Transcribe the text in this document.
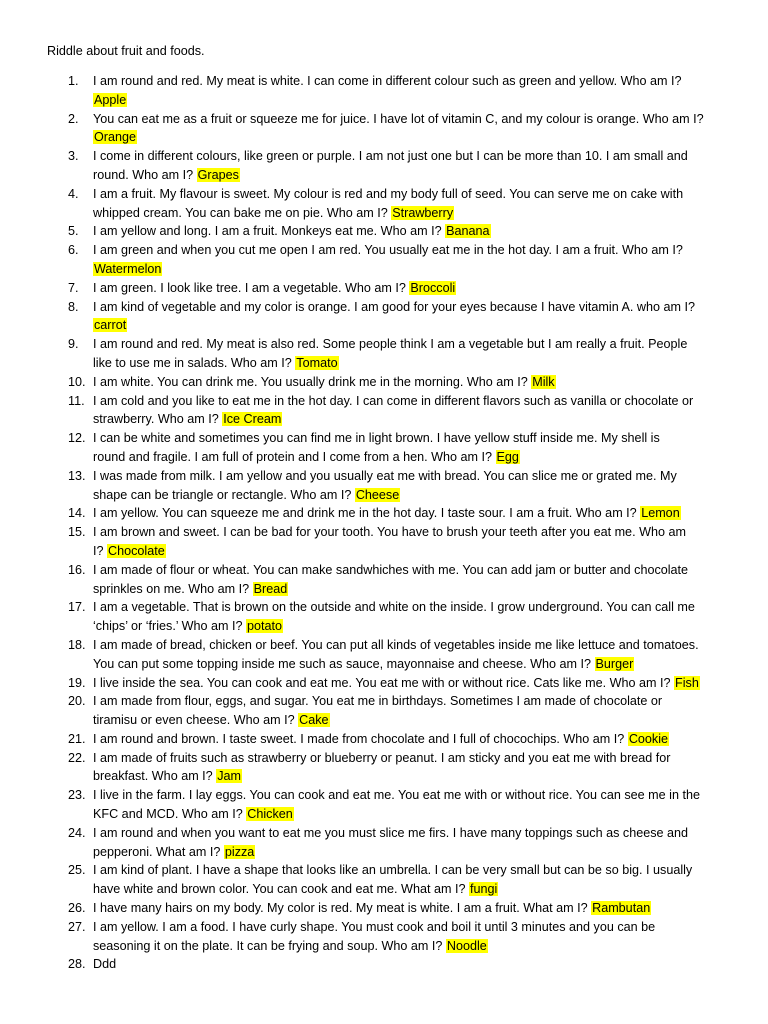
Riddle about fruit and foods.
1.	I am round and red. My meat is white. I can come in different colour such as green and yellow. Who am I?
Apple
2.	You can eat me as a fruit or squeeze me for juice. I have lot of vitamin C, and my colour is orange. Who am I?
Orange
3.	I come in different colours, like green or purple. I am not just one but I can be more than 10. I am small and
round. Who am I? Grapes
4.	I am a fruit. My flavour is sweet. My colour is red and my body full of seed. You can serve me on cake with
whipped cream. You can bake me on pie. Who am I? Strawberry
5.	I am yellow and long. I am a fruit. Monkeys eat me. Who am I? Banana
6.	I am green and when you cut me open I am red. You usually eat me in the hot day. I am a fruit. Who am I?
Watermelon
7.	I am green. I look like tree. I am a vegetable. Who am I? Broccoli
8.	I am kind of vegetable and my color is orange. I am good for your eyes because I have vitamin A. who am I?
carrot
9.	I am round and red. My meat is also red. Some people think I am a vegetable but I am really a fruit. People
like to use me in salads. Who am I? Tomato
10. I am white. You can drink me. You usually drink me in the morning. Who am I? Milk
11. I am cold and you like to eat me in the hot day. I can come in different flavors such as vanilla or chocolate or
strawberry. Who am I? Ice Cream
12. I can be white and sometimes you can find me in light brown. I have yellow stuff inside me. My shell is
round and fragile. I am full of protein and I come from a hen. Who am I? Egg
13. I was made from milk. I am yellow and you usually eat me with bread. You can slice me or grated me. My
shape can be triangle or rectangle. Who am I? Cheese
14. I am yellow. You can squeeze me and drink me in the hot day. I taste sour. I am a fruit. Who am I? Lemon
15. I am brown and sweet. I can be bad for your tooth. You have to brush your teeth after you eat me. Who am
I? Chocolate
16. I am made of flour or wheat. You can make sandwhiches with me. You can add jam or butter and chocolate
sprinkles on me. Who am I? Bread
17. I am a vegetable. That is brown on the outside and white on the inside. I grow underground. You can call me
‘chips’ or ‘fries.’ Who am I? potato
18. I am made of bread, chicken or beef. You can put all kinds of vegetables inside me like lettuce and tomatoes.
You can put some topping inside me such as sauce, mayonnaise and cheese. Who am I? Burger
19. I live inside the sea. You can cook and eat me. You eat me with or without rice. Cats like me. Who am I? Fish
20. I am made from flour, eggs, and sugar. You eat me in birthdays. Sometimes I am made of chocolate or
tiramisu or even cheese. Who am I? Cake
21. I am round and brown. I taste sweet. I made from chocolate and I full of chocochips. Who am I? Cookie
22. I am made of fruits such as strawberry or blueberry or peanut. I am sticky and you eat me with bread for
breakfast. Who am I? Jam
23. I live in the farm. I lay eggs. You can cook and eat me. You eat me with or without rice. You can see me in the
KFC and MCD. Who am I? Chicken
24. I am round and when you want to eat me you must slice me firs. I have many toppings such as cheese and
pepperoni. What am I? pizza
25. I am kind of plant. I have a shape that looks like an umbrella. I can be very small but can be so big. I usually
have white and brown color. You can cook and eat me. What am I? fungi
26. I have many hairs on my body. My color is red. My meat is white. I am a fruit. What am I? Rambutan
27. I am yellow. I am a food. I have curly shape. You must cook and boil it until 3 minutes and you can be
seasoning it on the plate. It can be frying and soup. Who am I? Noodle
28. Ddd
